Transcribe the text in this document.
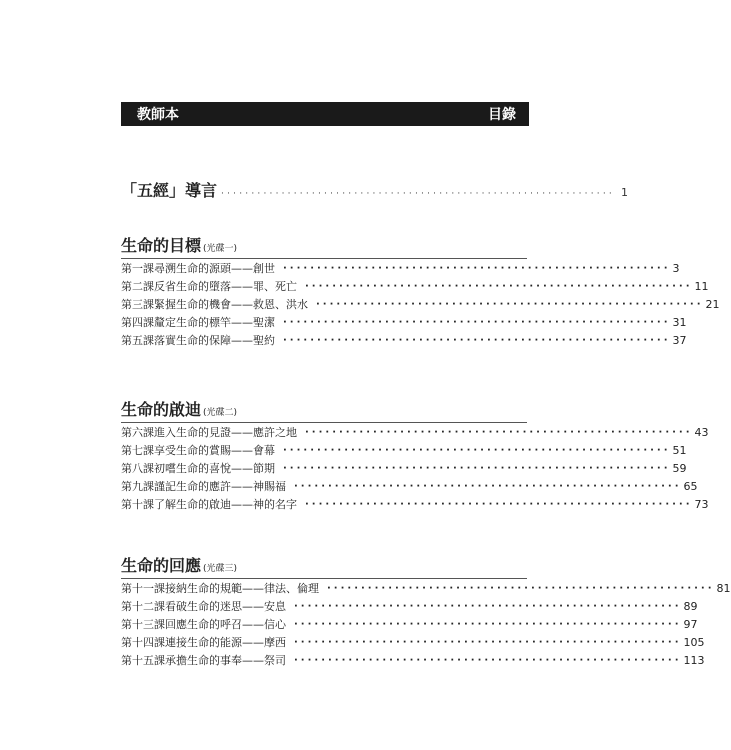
教師本	目錄
「五經」導言 ································································· 1
生命的目標 (光碟一)
第一課 尋溯生命的源頭——創世 ························································· 3
第二課 反省生命的墮落——罪、死亡 ························································· 11
第三課 緊握生命的機會——救恩、洪水 ························································· 21
第四課 釐定生命的標竿——聖潔 ························································· 31
第五課 落實生命的保障——聖約 ························································· 37
生命的啟迪 (光碟二)
第六課 進入生命的見證——應許之地 ························································· 43
第七課 享受生命的賞賜——會幕 ························································· 51
第八課 初嚐生命的喜悅——節期 ························································· 59
第九課 謹記生命的應許——神賜福 ························································· 65
第十課 了解生命的啟迪——神的名字 ························································· 73
生命的回應 (光碟三)
第十一課 接納生命的規範——律法、倫理 ························································· 81
第十二課 看破生命的迷思——安息 ························································· 89
第十三課 回應生命的呼召——信心 ························································· 97
第十四課 連接生命的能源——摩西 ························································· 105
第十五課 承擔生命的事奉——祭司 ························································· 113
